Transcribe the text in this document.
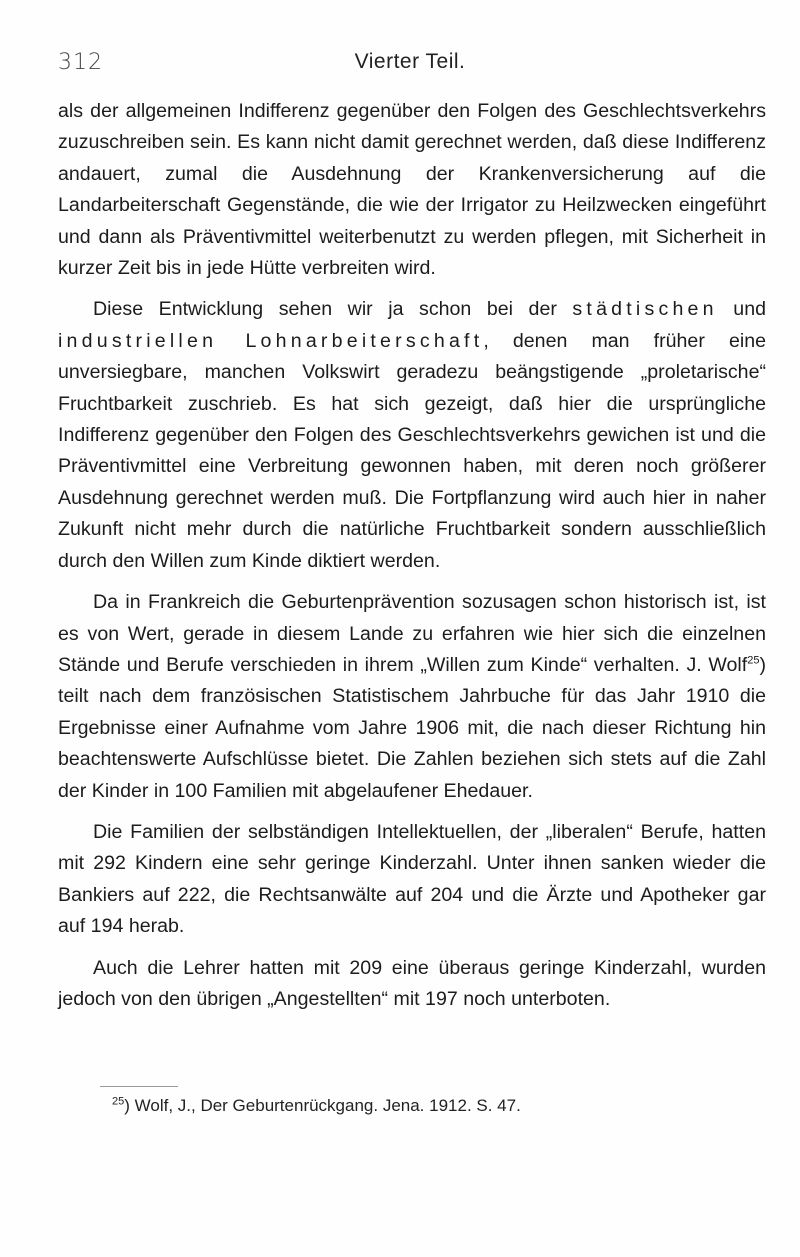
312	Vierter Teil.

als der allgemeinen Indifferenz gegenüber den Folgen des Geschlechtsverkehrs zuzuschreiben sein. Es kann nicht damit gerechnet werden, daß diese Indifferenz andauert, zumal die Ausdehnung der Krankenversicherung auf die Landarbeiterschaft Gegenstände, die wie der Irrigator zu Heilzwecken eingeführt und dann als Präventivmittel weiterbenutzt zu werden pflegen, mit Sicherheit in kurzer Zeit bis in jede Hütte verbreiten wird.

Diese Entwicklung sehen wir ja schon bei der städtischen und industriellen Lohnarbeiterschaft, denen man früher eine unversiegbare, manchen Volkswirt geradezu beängstigende „proletarische“ Fruchtbarkeit zuschrieb. Es hat sich gezeigt, daß hier die ursprüngliche Indifferenz gegenüber den Folgen des Geschlechtsverkehrs gewichen ist und die Präventivmittel eine Verbreitung gewonnen haben, mit deren noch größerer Ausdehnung gerechnet werden muß. Die Fortpflanzung wird auch hier in naher Zukunft nicht mehr durch die natürliche Fruchtbarkeit sondern ausschließlich durch den Willen zum Kinde diktiert werden.

Da in Frankreich die Geburtenprävention sozusagen schon historisch ist, ist es von Wert, gerade in diesem Lande zu erfahren wie hier sich die einzelnen Stände und Berufe verschieden in ihrem „Willen zum Kinde“ verhalten. J. Wolf$^{25}$) teilt nach dem französischen Statistischem Jahrbuche für das Jahr 1910 die Ergebnisse einer Aufnahme vom Jahre 1906 mit, die nach dieser Richtung hin beachtenswerte Aufschlüsse bietet. Die Zahlen beziehen sich stets auf die Zahl der Kinder in 100 Familien mit abgelaufener Ehedauer.

Die Familien der selbständigen Intellektuellen, der „liberalen“ Berufe, hatten mit 292 Kindern eine sehr geringe Kinderzahl. Unter ihnen sanken wieder die Bankiers auf 222, die Rechtsanwälte auf 204 und die Ärzte und Apotheker gar auf 194 herab.

Auch die Lehrer hatten mit 209 eine überaus geringe Kinderzahl, wurden jedoch von den übrigen „Angestellten“ mit 197 noch unterboten.

$^{25}$) Wolf, J., Der Geburtenrückgang. Jena. 1912. S. 47.
